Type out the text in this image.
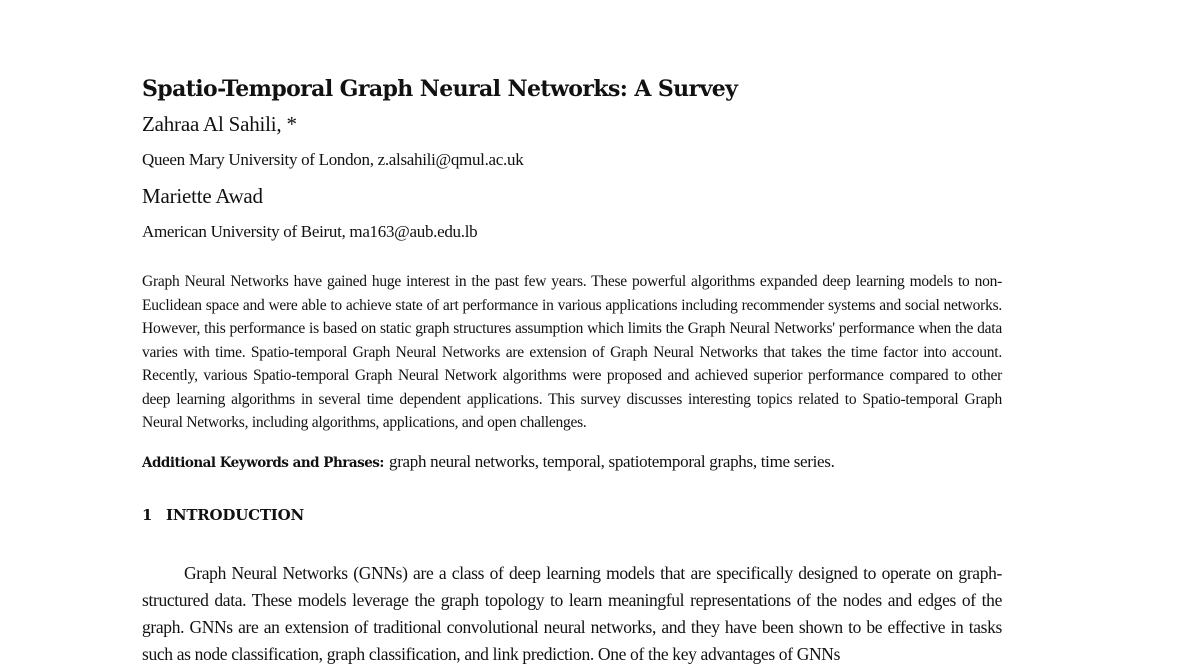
Spatio-Temporal Graph Neural Networks: A Survey

Zahraa Al Sahili, *

Queen Mary University of London, z.alsahili@qmul.ac.uk

Mariette Awad

American University of Beirut, ma163@aub.edu.lb

Graph Neural Networks have gained huge interest in the past few years. These powerful algorithms expanded deep learning models to non-Euclidean space and were able to achieve state of art performance in various applications including recommender systems and social networks. However, this performance is based on static graph structures assumption which limits the Graph Neural Networks' performance when the data varies with time. Spatio-temporal Graph Neural Networks are extension of Graph Neural Networks that takes the time factor into account. Recently, various Spatio-temporal Graph Neural Network algorithms were proposed and achieved superior performance compared to other deep learning algorithms in several time dependent applications. This survey discusses interesting topics related to Spatio-temporal Graph Neural Networks, including algorithms, applications, and open challenges.

Additional Keywords and Phrases: graph neural networks, temporal, spatiotemporal graphs, time series.

1 INTRODUCTION

Graph Neural Networks (GNNs) are a class of deep learning models that are specifically designed to operate on graph-structured data. These models leverage the graph topology to learn meaningful representations of the nodes and edges of the graph. GNNs are an extension of traditional convolutional neural networks, and they have been shown to be effective in tasks such as node classification, graph classification, and link prediction. One of the key advantages of GNNs
